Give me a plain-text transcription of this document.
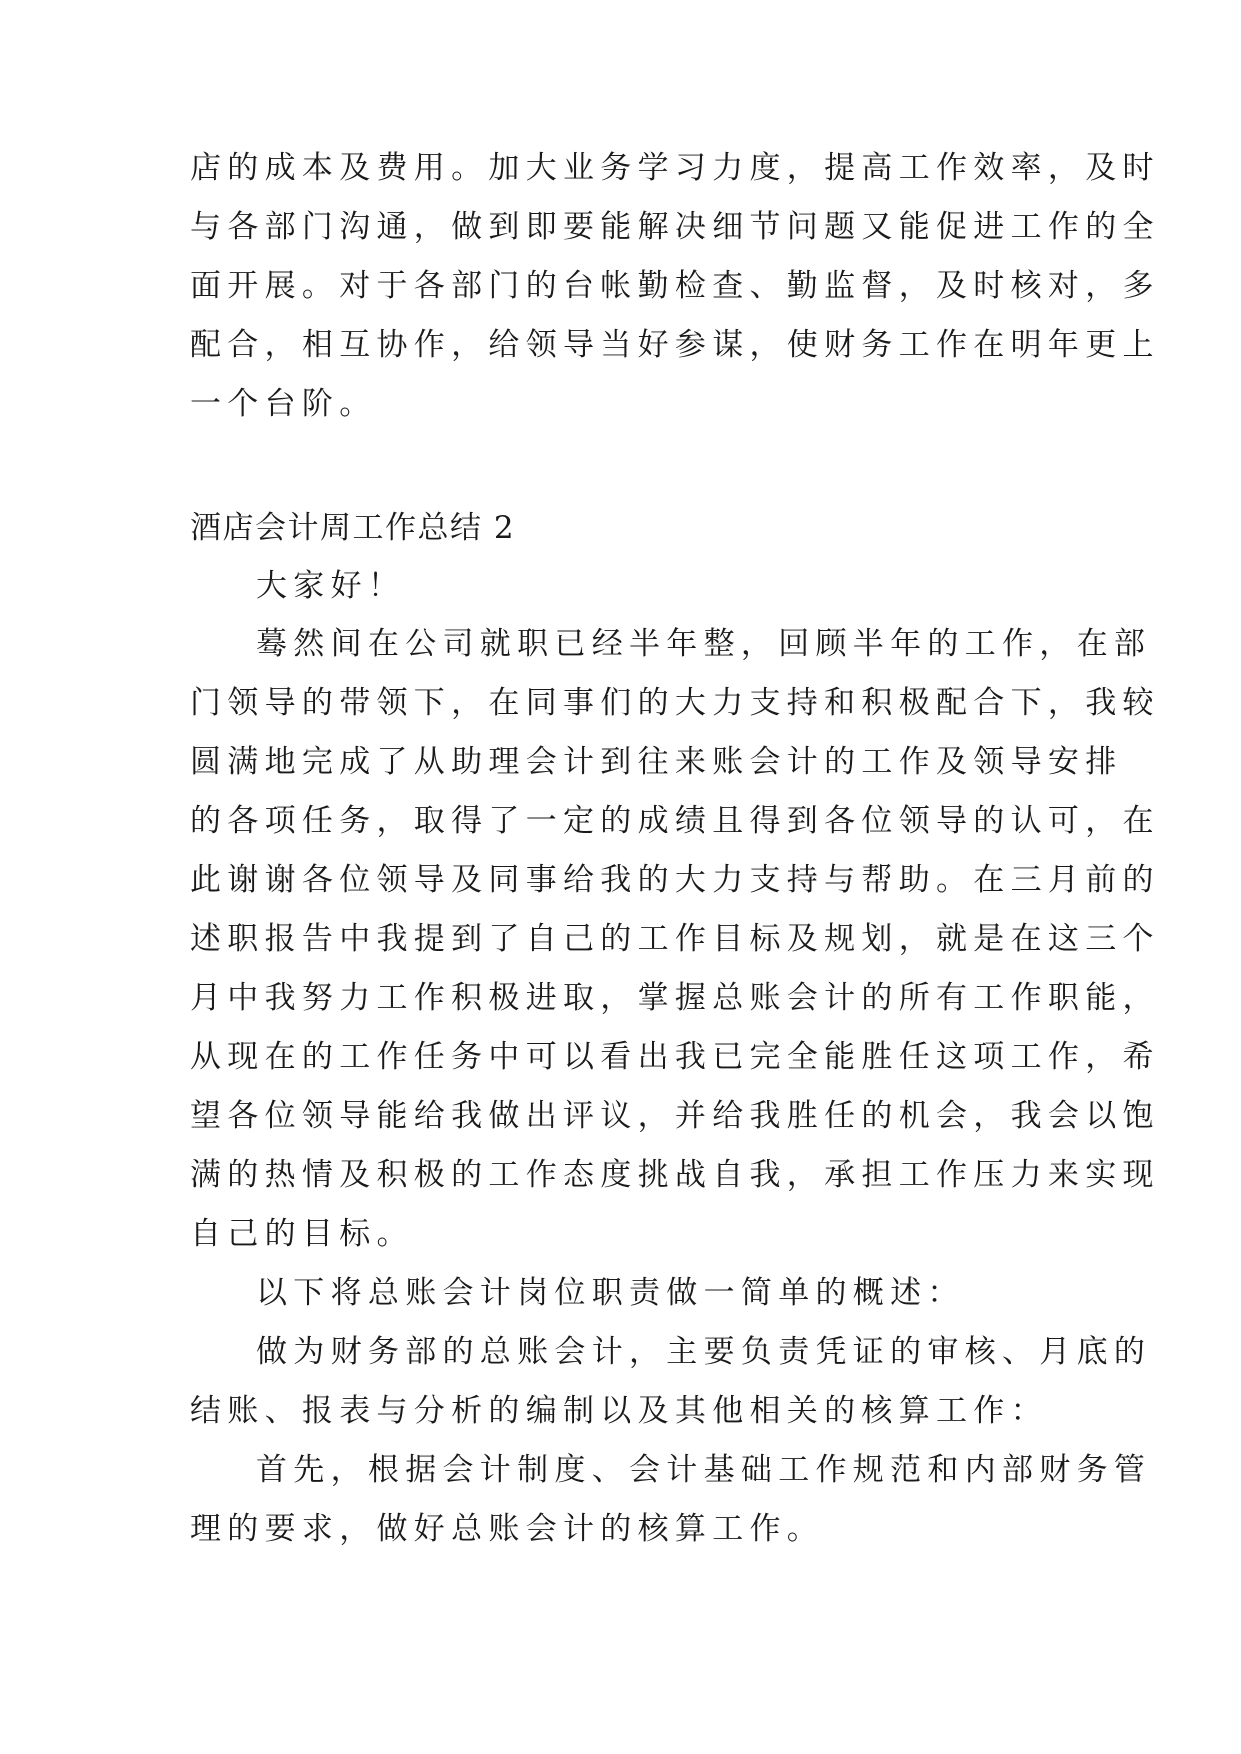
店的成本及费用。加大业务学习力度，提高工作效率，及时
与各部门沟通，做到即要能解决细节问题又能促进工作的全
面开展。对于各部门的台帐勤检查、勤监督，及时核对，多
配合，相互协作，给领导当好参谋，使财务工作在明年更上
一个台阶。
酒店会计周工作总结 2
大家好！
蓦然间在公司就职已经半年整，回顾半年的工作，在部
门领导的带领下，在同事们的大力支持和积极配合下，我较
圆满地完成了从助理会计到往来账会计的工作及领导安排
的各项任务，取得了一定的成绩且得到各位领导的认可，在
此谢谢各位领导及同事给我的大力支持与帮助。在三月前的
述职报告中我提到了自己的工作目标及规划，就是在这三个
月中我努力工作积极进取，掌握总账会计的所有工作职能，
从现在的工作任务中可以看出我已完全能胜任这项工作，希
望各位领导能给我做出评议，并给我胜任的机会，我会以饱
满的热情及积极的工作态度挑战自我，承担工作压力来实现
自己的目标。
以下将总账会计岗位职责做一简单的概述：
做为财务部的总账会计，主要负责凭证的审核、月底的
结账、报表与分析的编制以及其他相关的核算工作：
首先，根据会计制度、会计基础工作规范和内部财务管
理的要求，做好总账会计的核算工作。
